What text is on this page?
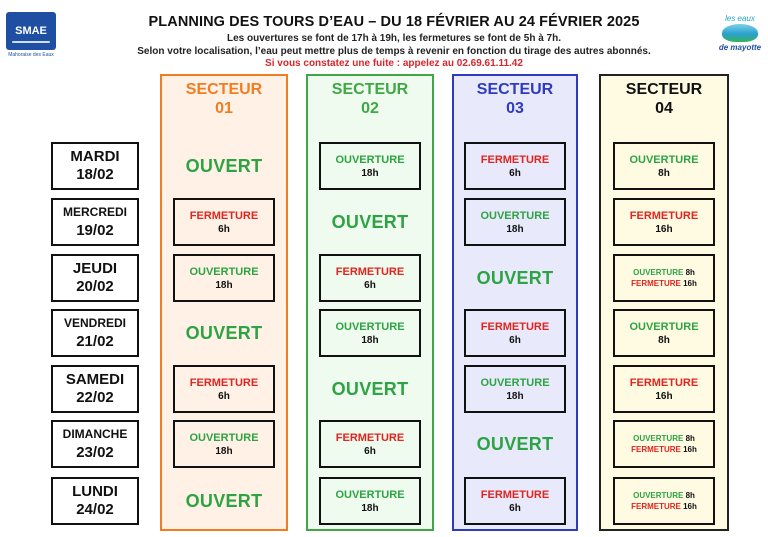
SMAE
Mahoraise des Eaux
les eaux
de mayotte
PLANNING DES TOURS D’EAU – DU 18 FÉVRIER AU 24 FÉVRIER 2025
Les ouvertures se font de 17h à 19h, les fermetures se font de 5h à 7h.
Selon votre localisation, l’eau peut mettre plus de temps à revenir en fonction du tirage des autres abonnés.
Si vous constatez une fuite : appelez au 02.69.61.11.42
MARDI
18/02
MERCREDI
19/02
JEUDI
20/02
VENDREDI
21/02
SAMEDI
22/02
DIMANCHE
23/02
LUNDI
24/02
SECTEUR
01
SECTEUR
02
SECTEUR
03
SECTEUR
04
OUVERT
FERMETURE
6h
OUVERTURE
18h
OUVERT
FERMETURE
6h
OUVERTURE
18h
OUVERT
OUVERTURE
18h
OUVERT
FERMETURE
6h
OUVERTURE
18h
OUVERT
FERMETURE
6h
OUVERTURE
18h
FERMETURE
6h
OUVERTURE
18h
OUVERT
FERMETURE
6h
OUVERTURE
18h
OUVERT
FERMETURE
6h
OUVERTURE
8h
FERMETURE
16h
OUVERTURE 8h
FERMETURE 16h
OUVERTURE
8h
FERMETURE
16h
OUVERTURE 8h
FERMETURE 16h
OUVERTURE 8h
FERMETURE 16h
